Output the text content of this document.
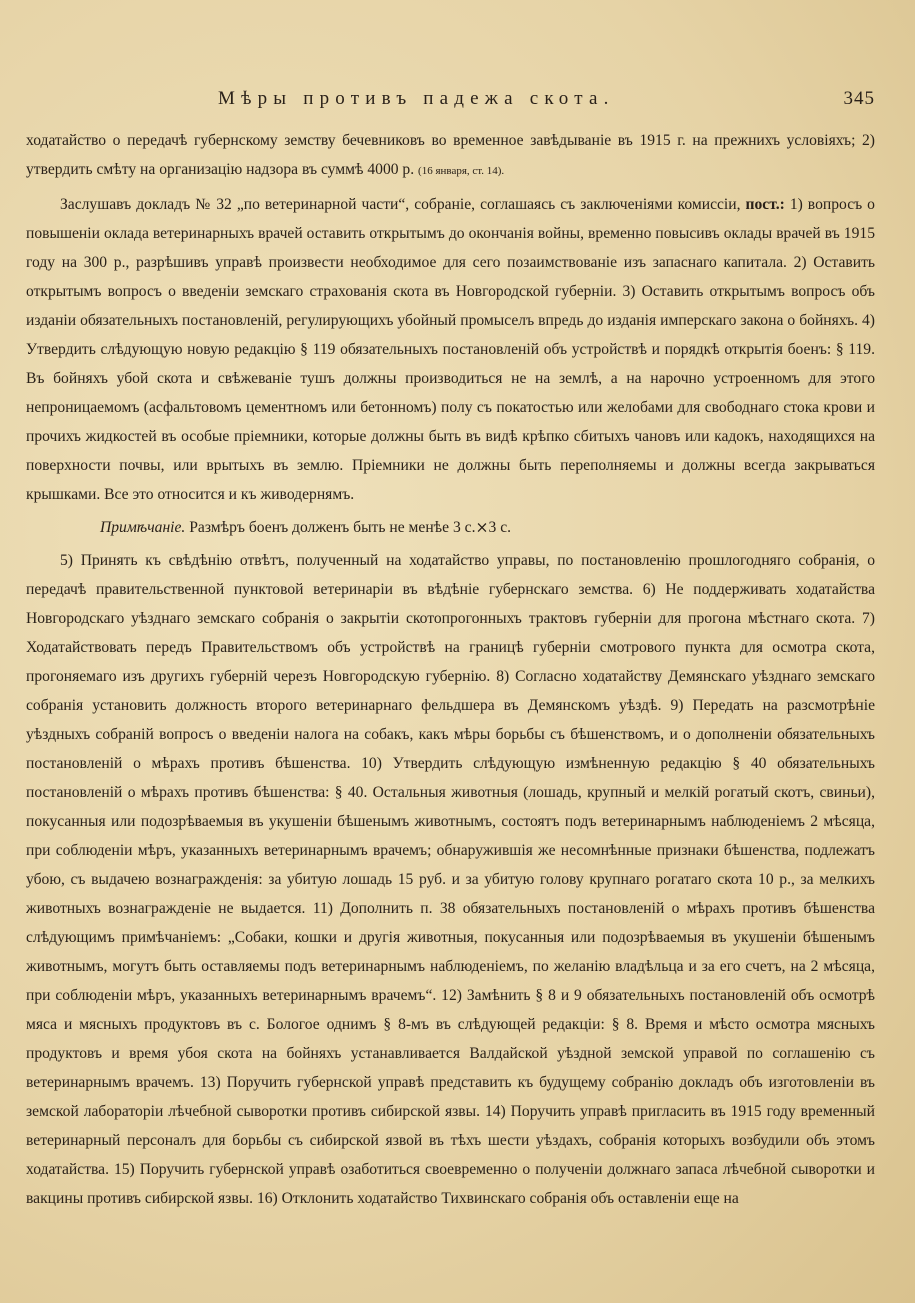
Мѣры противъ падежа скота.	345

ходатайство о передачѣ губернскому земству бечевниковъ во временное завѣдываніе въ 1915 г. на прежнихъ условіяхъ; 2) утвердить смѣту на организацію надзора въ суммѣ 4000 р. (16 января, ст. 14).

Заслушавъ докладъ № 32 „по ветеринарной части“, собраніе, соглашаясь съ заключеніями комиссіи, пост.: 1) вопросъ о повышеніи оклада ветеринарныхъ врачей оставить открытымъ до окончанія войны, временно повысивъ оклады врачей въ 1915 году на 300 р., разрѣшивъ управѣ произвести необходимое для сего позаимствованіе изъ запаснаго капитала. 2) Оставить открытымъ вопросъ о введеніи земскаго страхованія скота въ Новгородской губерніи. 3) Оставить открытымъ вопросъ объ изданіи обязательныхъ постановленій, регулирующихъ убойный промыселъ впредь до изданія имперскаго закона о бойняхъ. 4) Утвердить слѣдующую новую редакцію § 119 обязательныхъ постановленій объ устройствѣ и порядкѣ открытія боенъ: § 119. Въ бойняхъ убой скота и свѣжеваніе тушъ должны производиться не на землѣ, а на нарочно устроенномъ для этого непроницаемомъ (асфальтовомъ цементномъ или бетонномъ) полу съ покатостью или желобами для свободнаго стока крови и прочихъ жидкостей въ особые пріемники, которые должны быть въ видѣ крѣпко сбитыхъ чановъ или кадокъ, находящихся на поверхности почвы, или врытыхъ въ землю. Пріемники не должны быть переполняемы и должны всегда закрываться крышками. Все это относится и къ живодернямъ.

Примѣчаніе. Размѣръ боенъ долженъ быть не менѣе 3 с.⨯3 с.

5) Принять къ свѣдѣнію отвѣтъ, полученный на ходатайство управы, по постановленію прошлогодняго собранія, о передачѣ правительственной пунктовой ветеринаріи въ вѣдѣніе губернскаго земства. 6) Не поддерживать ходатайства Новгородскаго уѣзднаго земскаго собранія о закрытіи скотопрогонныхъ трактовъ губерніи для прогона мѣстнаго скота. 7) Ходатайствовать передъ Правительствомъ объ устройствѣ на границѣ губерніи смотрового пункта для осмотра скота, прогоняемаго изъ другихъ губерній черезъ Новгородскую губернію. 8) Согласно ходатайству Демянскаго уѣзднаго земскаго собранія установить должность второго ветеринарнаго фельдшера въ Демянскомъ уѣздѣ. 9) Передать на разсмотрѣніе уѣздныхъ собраній вопросъ о введеніи налога на собакъ, какъ мѣры борьбы съ бѣшенствомъ, и о дополненіи обязательныхъ постановленій о мѣрахъ противъ бѣшенства. 10) Утвердить слѣдующую измѣненную редакцію § 40 обязательныхъ постановленій о мѣрахъ противъ бѣшенства: § 40. Остальныя животныя (лошадь, крупный и мелкій рогатый скотъ, свиньи), покусанныя или подозрѣваемыя въ укушеніи бѣшенымъ животнымъ, состоятъ подъ ветеринарнымъ наблюденіемъ 2 мѣсяца, при соблюденіи мѣръ, указанныхъ ветеринарнымъ врачемъ; обнаружившія же несомнѣнные признаки бѣшенства, подлежатъ убою, съ выдачею вознагражденія: за убитую лошадь 15 руб. и за убитую голову крупнаго рогатаго скота 10 р., за мелкихъ животныхъ вознагражденіе не выдается. 11) Дополнить п. 38 обязательныхъ постановленій о мѣрахъ противъ бѣшенства слѣдующимъ примѣчаніемъ: „Собаки, кошки и другія животныя, покусанныя или подозрѣваемыя въ укушеніи бѣшенымъ животнымъ, могутъ быть оставляемы подъ ветеринарнымъ наблюденіемъ, по желанію владѣльца и за его счетъ, на 2 мѣсяца, при соблюденіи мѣръ, указанныхъ ветеринарнымъ врачемъ“. 12) Замѣнить § 8 и 9 обязательныхъ постановленій объ осмотрѣ мяса и мясныхъ продуктовъ въ с. Бологое однимъ § 8-мъ въ слѣдующей редакціи: § 8. Время и мѣсто осмотра мясныхъ продуктовъ и время убоя скота на бойняхъ устанавливается Валдайской уѣздной земской управой по соглашенію съ ветеринарнымъ врачемъ. 13) Поручить губернской управѣ представить къ будущему собранію докладъ объ изготовленіи въ земской лабораторіи лѣчебной сыворотки противъ сибирской язвы. 14) Поручить управѣ пригласить въ 1915 году временный ветеринарный персоналъ для борьбы съ сибирской язвой въ тѣхъ шести уѣздахъ, собранія которыхъ возбудили объ этомъ ходатайства. 15) Поручить губернской управѣ озаботиться своевременно о полученіи должнаго запаса лѣчебной сыворотки и вакцины противъ сибирской язвы. 16) Отклонить ходатайство Тихвинскаго собранія объ оставленіи еще на
